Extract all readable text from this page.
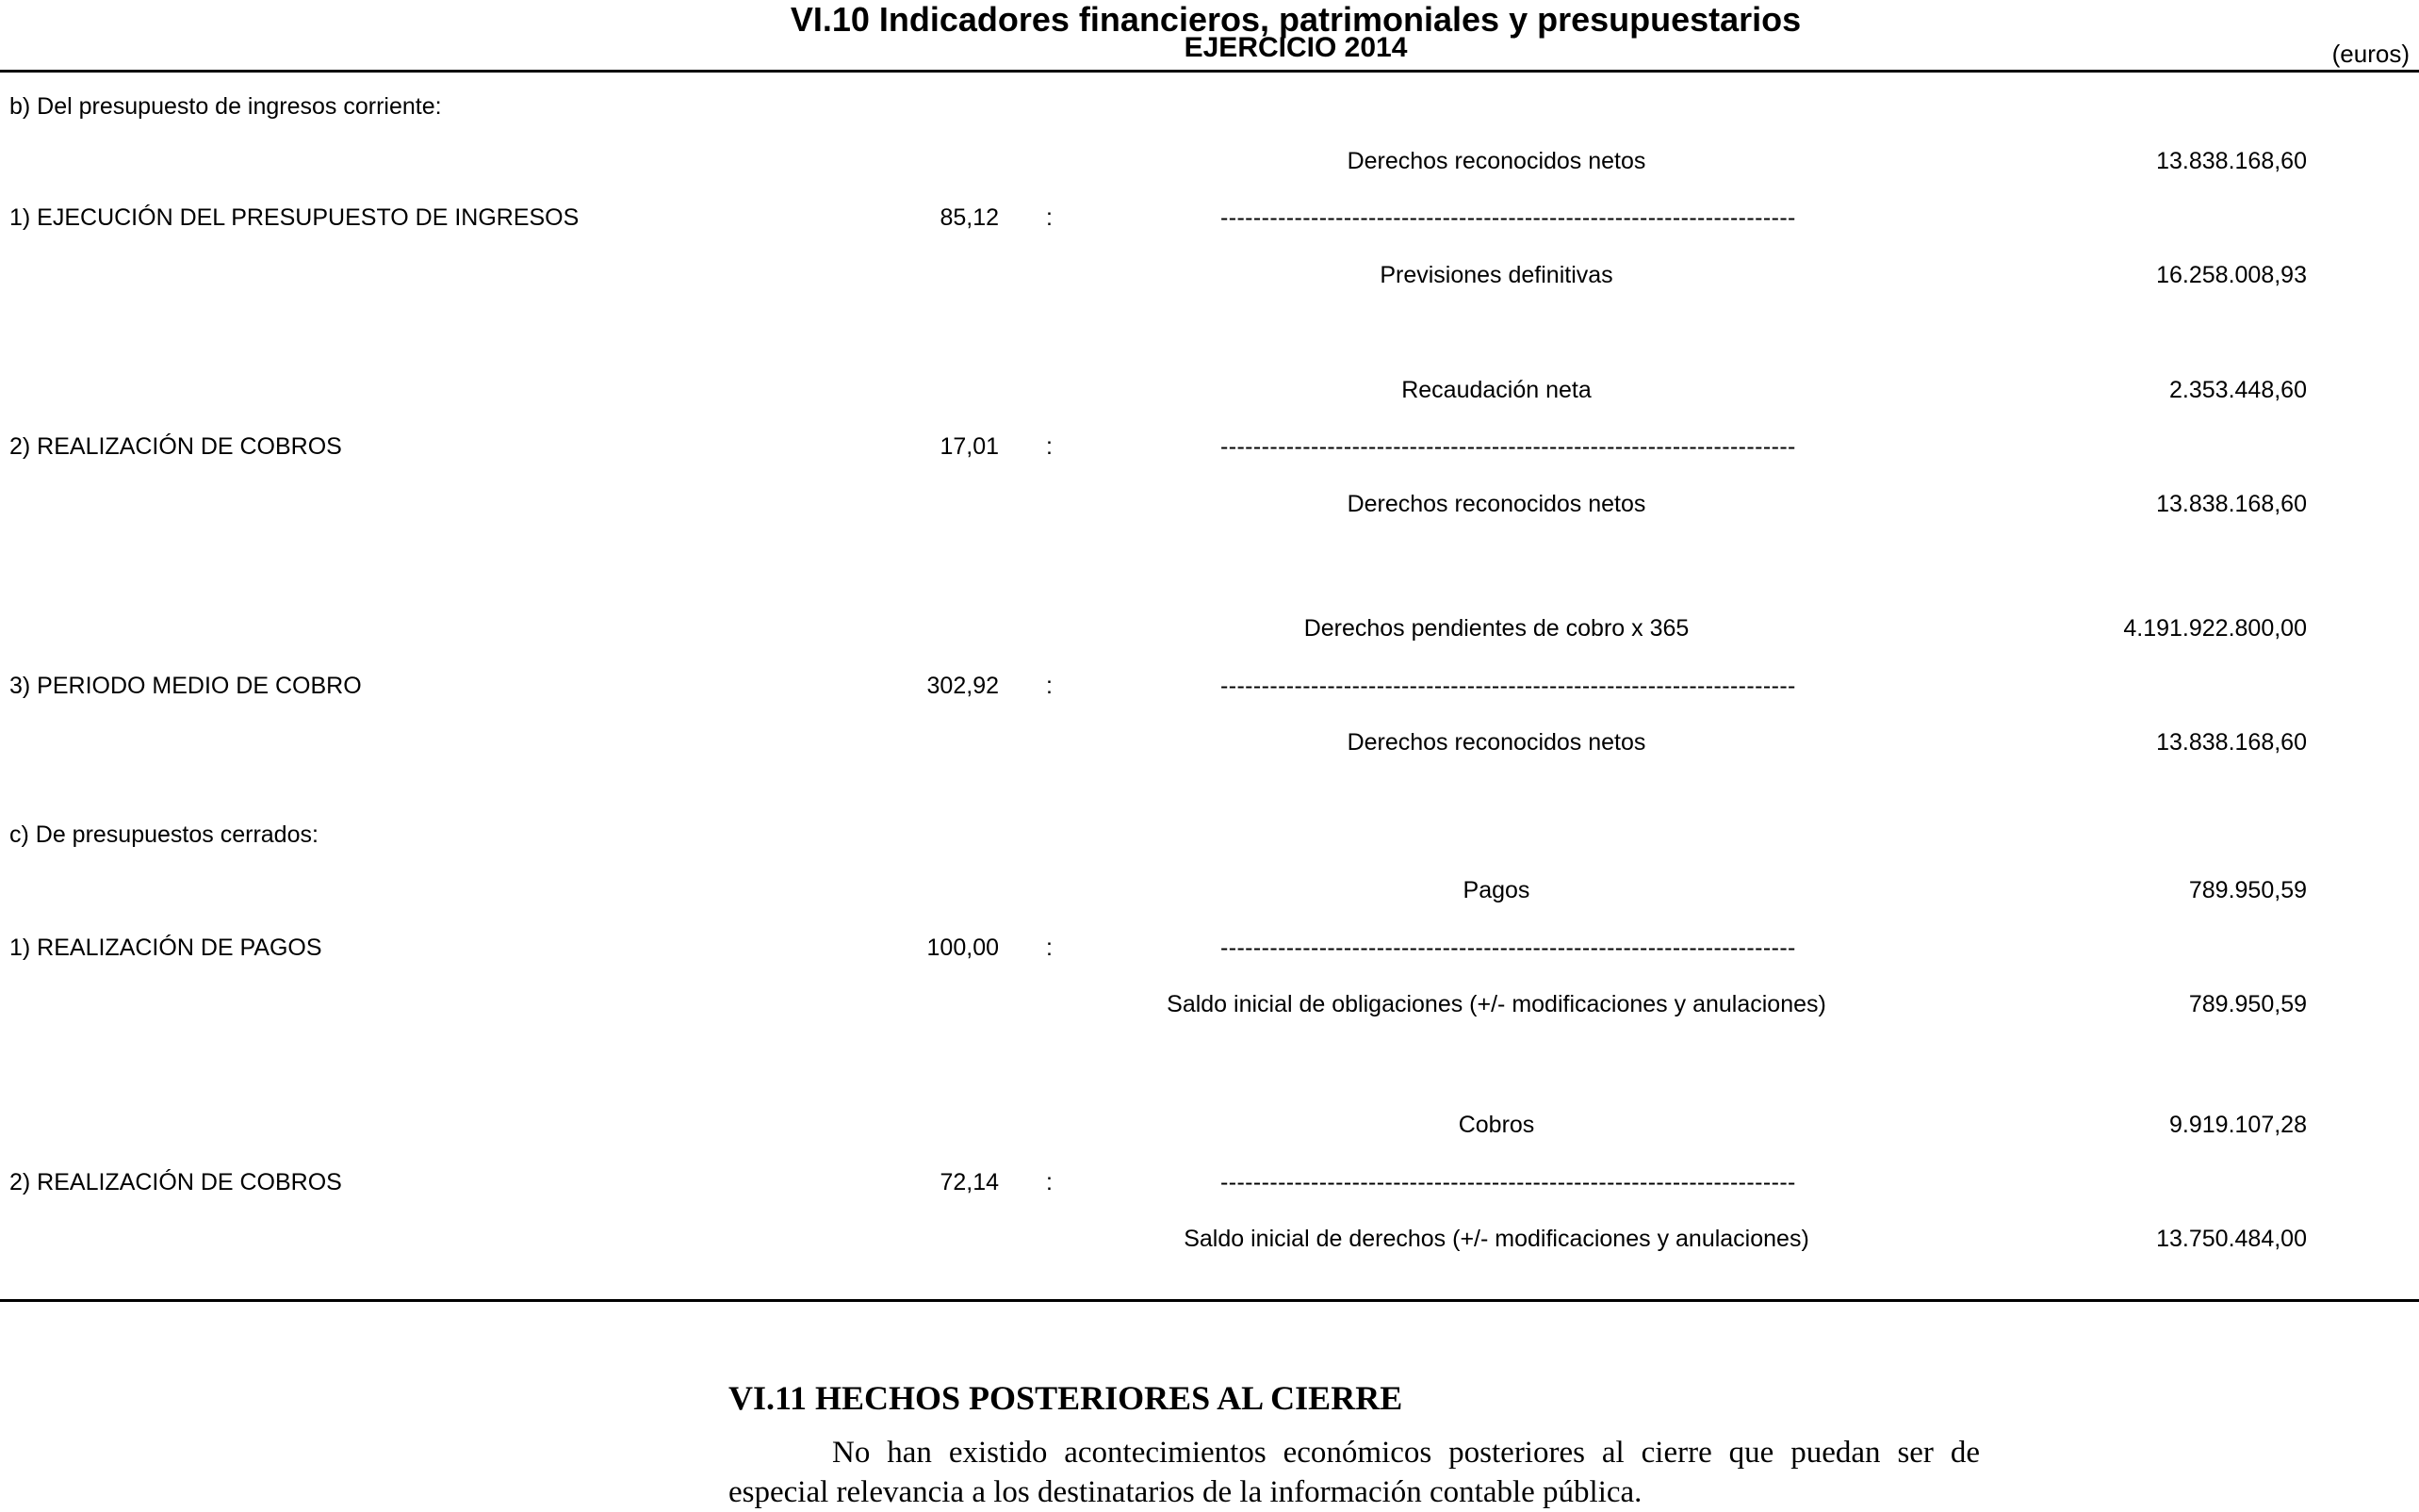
VI.10 Indicadores financieros, patrimoniales y presupuestarios
EJERCICIO 2014	(euros)
b) Del presupuesto de ingresos corriente:
Derechos reconocidos netos	13.838.168,60
1) EJECUCIÓN DEL PRESUPUESTO DE INGRESOS	85,12 :	----------------------------------------------------------------------
Previsiones definitivas	16.258.008,93
Recaudación neta	2.353.448,60
2) REALIZACIÓN DE COBROS	17,01 :	----------------------------------------------------------------------
Derechos reconocidos netos	13.838.168,60
Derechos pendientes de cobro x 365	4.191.922.800,00
3) PERIODO MEDIO DE COBRO	302,92 :	----------------------------------------------------------------------
Derechos reconocidos netos	13.838.168,60
c) De presupuestos cerrados:
Pagos	789.950,59
1) REALIZACIÓN DE PAGOS	100,00 :	----------------------------------------------------------------------
Saldo inicial de obligaciones (+/- modificaciones y anulaciones)	789.950,59
Cobros	9.919.107,28
2) REALIZACIÓN DE COBROS	72,14 :	----------------------------------------------------------------------
Saldo inicial de derechos (+/- modificaciones y anulaciones)	13.750.484,00
VI.11 HECHOS POSTERIORES AL CIERRE
No han existido acontecimientos económicos posteriores al cierre que puedan ser de especial relevancia a los destinatarios de la información contable pública.
